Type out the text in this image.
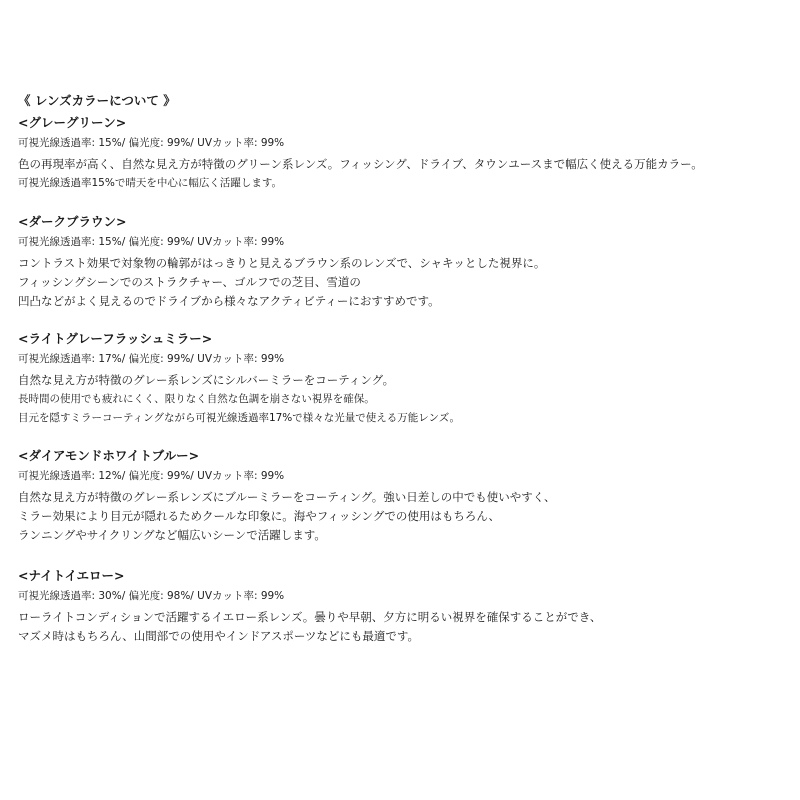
《 レンズカラーについて 》
<グレーグリーン>
可視光線透過率: 15%/ 偏光度: 99%/ UVカット率: 99%
色の再現率が高く、自然な見え方が特徴のグリーン系レンズ。フィッシング、ドライブ、タウンユースまで幅広く使える万能カラー。
可視光線透過率15%で晴天を中心に幅広く活躍します。
<ダークブラウン>
可視光線透過率: 15%/ 偏光度: 99%/ UVカット率: 99%
コントラスト効果で対象物の輪郭がはっきりと見えるブラウン系のレンズで、シャキッとした視界に。
フィッシングシーンでのストラクチャー、ゴルフでの芝目、雪道の
凹凸などがよく見えるのでドライブから様々なアクティビティーにおすすめです。
<ライトグレーフラッシュミラー>
可視光線透過率: 17%/ 偏光度: 99%/ UVカット率: 99%
自然な見え方が特徴のグレー系レンズにシルバーミラーをコーティング。
長時間の使用でも疲れにくく、限りなく自然な色調を崩さない視界を確保。
目元を隠すミラーコーティングながら可視光線透過率17%で様々な光量で使える万能レンズ。
<ダイアモンドホワイトブルー>
可視光線透過率: 12%/ 偏光度: 99%/ UVカット率: 99%
自然な見え方が特徴のグレー系レンズにブルーミラーをコーティング。強い日差しの中でも使いやすく、
ミラー効果により目元が隠れるためクールな印象に。海やフィッシングでの使用はもちろん、
ランニングやサイクリングなど幅広いシーンで活躍します。
<ナイトイエロー>
可視光線透過率: 30%/ 偏光度: 98%/ UVカット率: 99%
ローライトコンディションで活躍するイエロー系レンズ。曇りや早朝、夕方に明るい視界を確保することができ、
マズメ時はもちろん、山間部での使用やインドアスポーツなどにも最適です。
